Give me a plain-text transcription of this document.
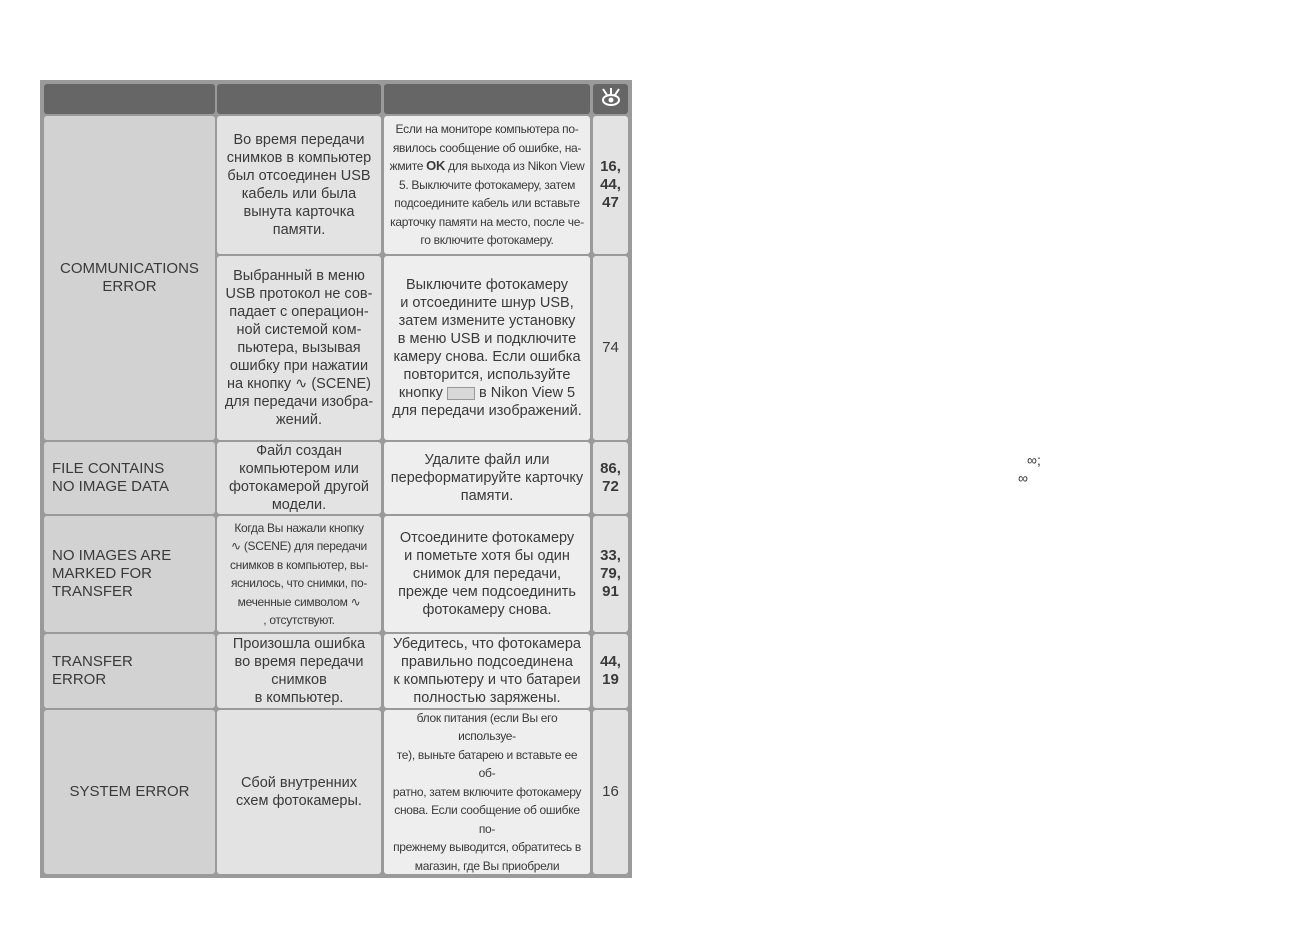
COMMUNICATIONS
ERROR
Во время передачи
снимков в компьютер
был отсоединен USB
кабель или была
вынута карточка
памяти.
Если на мониторе компьютера по-
явилось сообщение об ошибке, на-
жмите OK для выхода из Nikon View
5. Выключите фотокамеру, затем
подсоедините кабель или вставьте
карточку памяти на место, после че-
го включите фотокамеру.
16,
44,
47
Выбранный в меню
USB протокол не сов-
падает с операцион-
ной системой ком-
пьютера, вызывая
ошибку при нажатии
на кнопку ∿ (SCENE)
для передачи изобра-
жений.
Выключите фотокамеру
и отсоедините шнур USB,
затем измените установку
в меню USB и подключите
камеру снова. Если ошибка
повторится, используйте
кнопку в Nikon View 5
для передачи изображений.
74
FILE CONTAINS
NO IMAGE DATA
Файл создан
компьютером или
фотокамерой другой
модели.
Удалите файл или
переформатируйте карточку
памяти.
86,
72
NO IMAGES ARE
MARKED FOR
TRANSFER
Когда Вы нажали кнопку
∿ (SCENE) для передачи
снимков в компьютер, вы-
яснилось, что снимки, по-
меченные символом ∿
, отсутствуют.
Отсоедините фотокамеру
и пометьте хотя бы один
снимок для передачи,
прежде чем подсоединить
фотокамеру снова.
33,
79,
91
TRANSFER
ERROR
Произошла ошибка
во время передачи
снимков
в компьютер.
Убедитесь, что фотокамера
правильно подсоединена
к компьютеру и что батареи
полностью заряжены.
44,
19
SYSTEM ERROR	Сбой внутренних
схем фотокамеры.

блок питания (если Вы его используе-
те), выньте батарею и вставьте ее об-
ратно, затем включите фотокамеру
снова. Если сообщение об ошибке по-
прежнему выводится, обратитесь в
магазин, где Вы приобрели

16
∞;
∞
